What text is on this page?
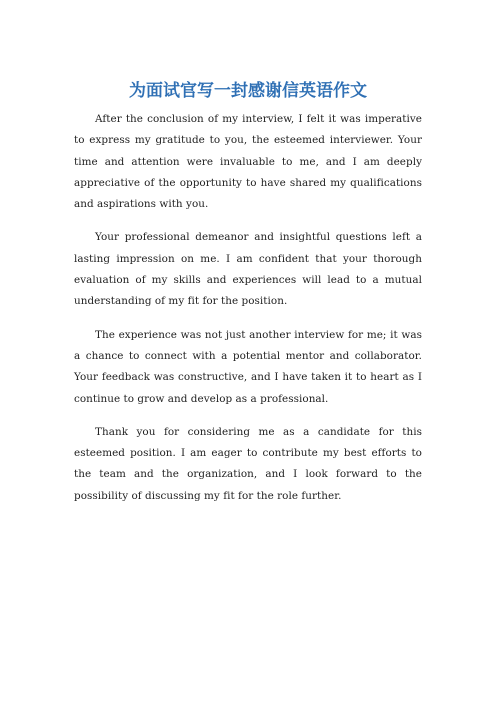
为面试官写一封感谢信英语作文

After the conclusion of my interview, I felt it was imperative to express my gratitude to you, the esteemed interviewer. Your time and attention were invaluable to me, and I am deeply appreciative of the opportunity to have shared my qualifications and aspirations with you.

Your professional demeanor and insightful questions left a lasting impression on me. I am confident that your thorough evaluation of my skills and experiences will lead to a mutual understanding of my fit for the position.

The experience was not just another interview for me; it was a chance to connect with a potential mentor and collaborator. Your feedback was constructive, and I have taken it to heart as I continue to grow and develop as a professional.

Thank you for considering me as a candidate for this esteemed position. I am eager to contribute my best efforts to the team and the organization, and I look forward to the possibility of discussing my fit for the role further.
